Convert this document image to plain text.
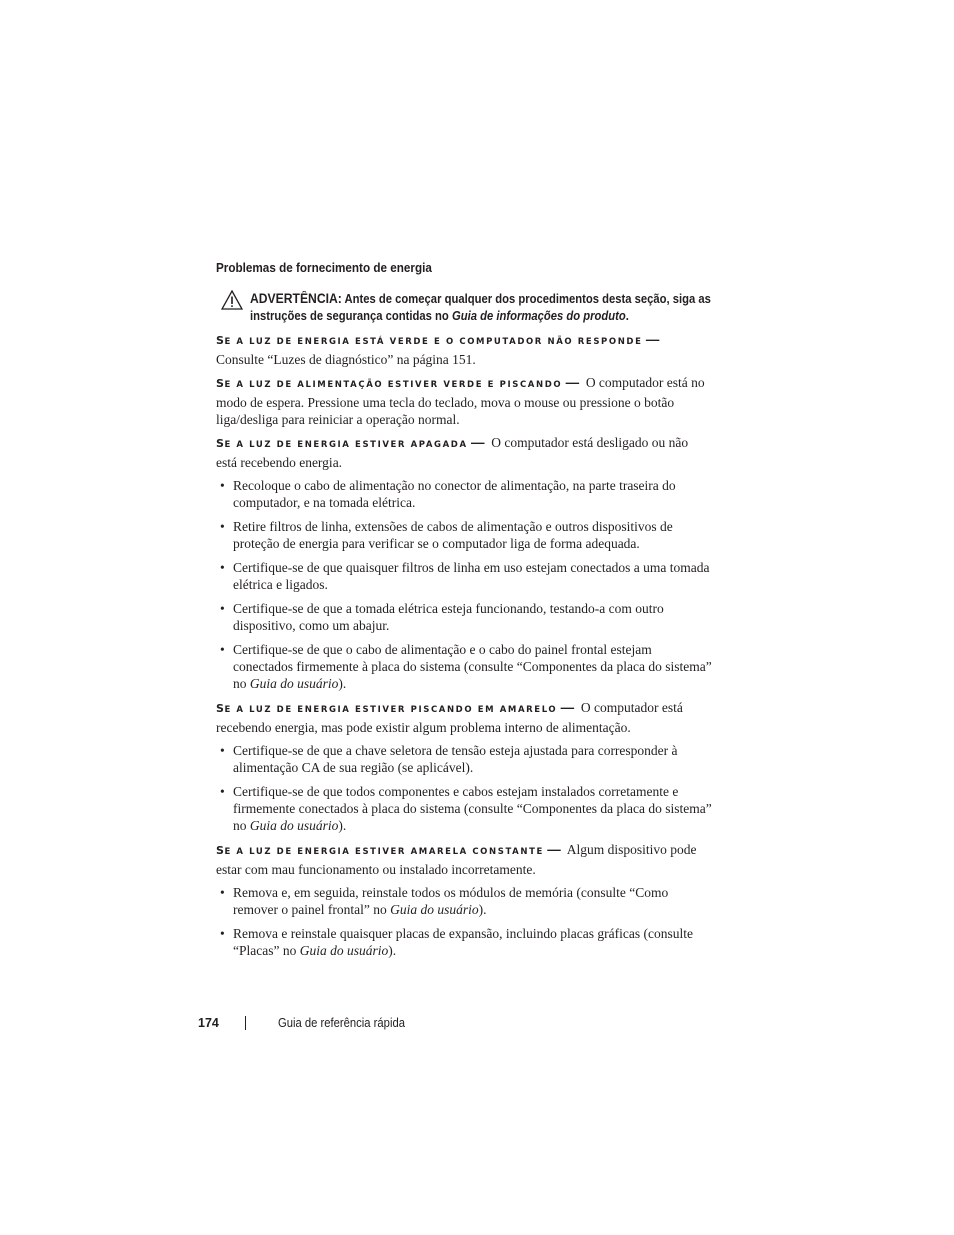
Problemas de fornecimento de energia
ADVERTÊNCIA: Antes de começar qualquer dos procedimentos desta seção, siga as instruções de segurança contidas no Guia de informações do produto.

SE A LUZ DE ENERGIA ESTÁ VERDE E O COMPUTADOR NÃO RESPONDE —  Consulte “Luzes de diagnóstico” na página 151.

SE A LUZ DE ALIMENTAÇÃO ESTIVER VERDE E PISCANDO — O computador está no modo de espera. Pressione uma tecla do teclado, mova o mouse ou pressione o botão liga/desliga para reiniciar a operação normal.

SE A LUZ DE ENERGIA ESTIVER APAGADA — O computador está desligado ou não está recebendo energia.

• Recoloque o cabo de alimentação no conector de alimentação, na parte traseira do computador, e na tomada elétrica.
• Retire filtros de linha, extensões de cabos de alimentação e outros dispositivos de proteção de energia para verificar se o computador liga de forma adequada.
• Certifique-se de que quaisquer filtros de linha em uso estejam conectados a uma tomada elétrica e ligados.
• Certifique-se de que a tomada elétrica esteja funcionando, testando-a com outro dispositivo, como um abajur.
• Certifique-se de que o cabo de alimentação e o cabo do painel frontal estejam conectados firmemente à placa do sistema (consulte “Componentes da placa do sistema” no Guia do usuário).

SE A LUZ DE ENERGIA ESTIVER PISCANDO EM AMARELO — O computador está recebendo energia, mas pode existir algum problema interno de alimentação.

• Certifique-se de que a chave seletora de tensão esteja ajustada para corresponder à alimentação CA de sua região (se aplicável).
• Certifique-se de que todos componentes e cabos estejam instalados corretamente e firmemente conectados à placa do sistema (consulte “Componentes da placa do sistema” no Guia do usuário).

SE A LUZ DE ENERGIA ESTIVER AMARELA CONSTANTE — Algum dispositivo pode estar com mau funcionamento ou instalado incorretamente.

• Remova e, em seguida, reinstale todos os módulos de memória (consulte “Como remover o painel frontal” no Guia do usuário).
• Remova e reinstale quaisquer placas de expansão, incluindo placas gráficas (consulte “Placas” no Guia do usuário).
174	Guia de referência rápida
